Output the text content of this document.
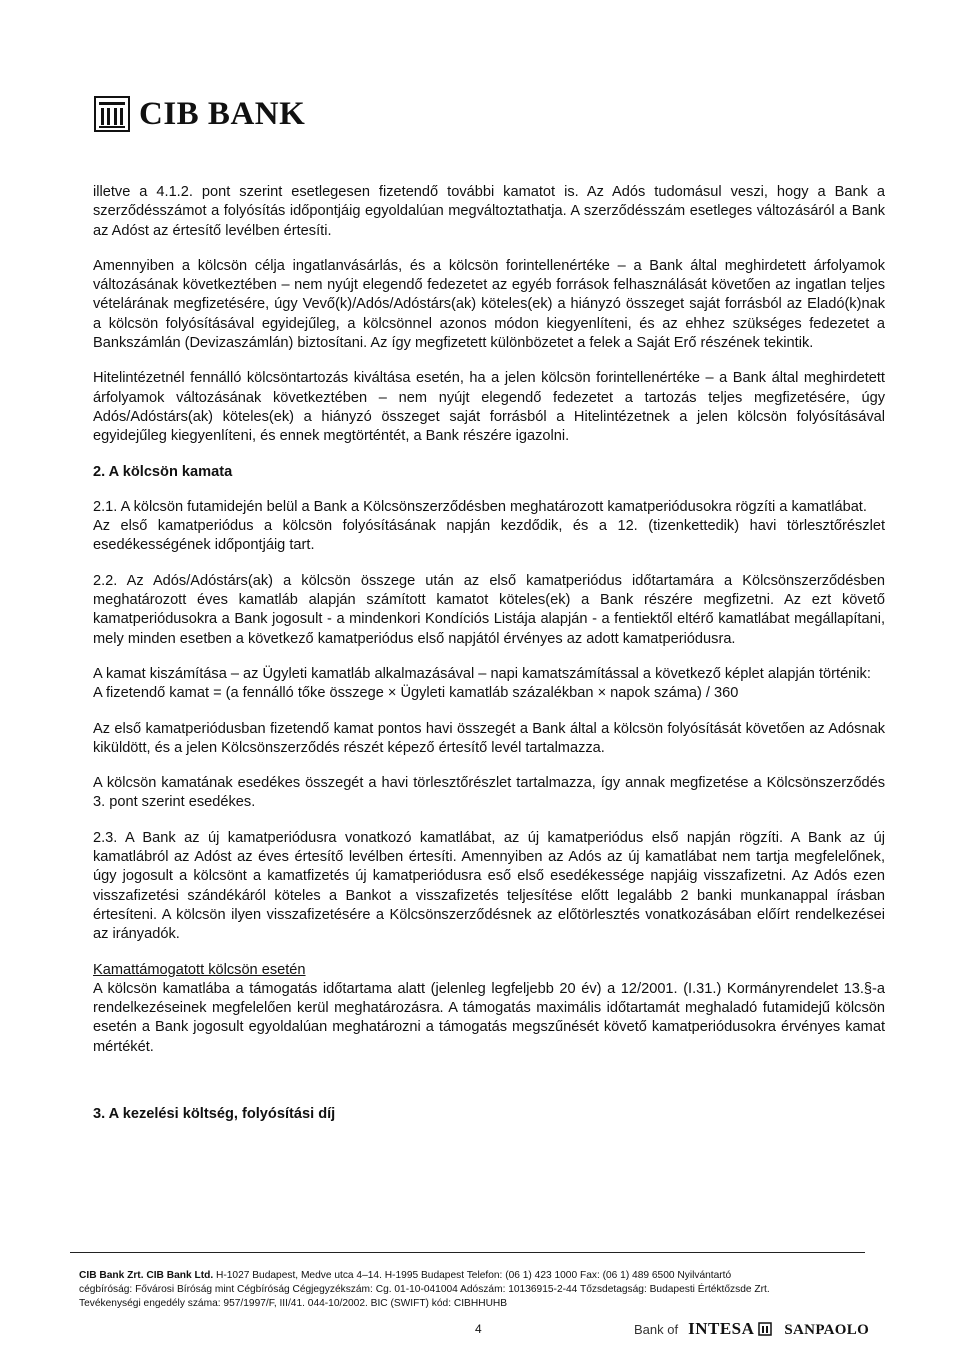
CIB BANK

illetve a 4.1.2. pont szerint esetlegesen fizetendő további kamatot is. Az Adós tudomásul veszi, hogy a Bank a szerződésszámot a folyósítás időpontjáig egyoldalúan megváltoztathatja. A szerződésszám esetleges változásáról a Bank az Adóst az értesítő levélben értesíti.

Amennyiben a kölcsön célja ingatlanvásárlás, és a kölcsön forintellenértéke – a Bank által meghirdetett árfolyamok változásának következtében – nem nyújt elegendő fedezetet az egyéb források felhasználását követően az ingatlan teljes vételárának megfizetésére, úgy Vevő(k)/Adós/Adóstárs(ak) köteles(ek) a hiányzó összeget saját forrásból az Eladó(k)nak a kölcsön folyósításával egyidejűleg, a kölcsönnel azonos módon kiegyenlíteni, és az ehhez szükséges fedezetet a Bankszámlán (Devizaszámlán) biztosítani. Az így megfizetett különbözetet a felek a Saját Erő részének tekintik.

Hitelintézetnél fennálló kölcsöntartozás kiváltása esetén, ha a jelen kölcsön forintellenértéke – a Bank által meghirdetett árfolyamok változásának következtében – nem nyújt elegendő fedezetet a tartozás teljes megfizetésére, úgy Adós/Adóstárs(ak) köteles(ek) a hiányzó összeget saját forrásból a Hitelintézetnek a jelen kölcsön folyósításával egyidejűleg kiegyenlíteni, és ennek megtörténtét, a Bank részére igazolni.

2. A kölcsön kamata

2.1. A kölcsön futamidején belül a Bank a Kölcsönszerződésben meghatározott kamatperiódusokra rögzíti a kamatlábat.

Az első kamatperiódus a kölcsön folyósításának napján kezdődik, és a 12. (tizenkettedik) havi törlesztőrészlet esedékességének időpontjáig tart.

2.2. Az Adós/Adóstárs(ak) a kölcsön összege után az első kamatperiódus időtartamára a Kölcsönszerződésben meghatározott éves kamatláb alapján számított kamatot köteles(ek) a Bank részére megfizetni. Az ezt követő kamatperiódusokra a Bank jogosult - a mindenkori Kondíciós Listája alapján - a fentiektől eltérő kamatlábat megállapítani, mely minden esetben a következő kamatperiódus első napjától érvényes az adott kamatperiódusra.

A kamat kiszámítása – az Ügyleti kamatláb alkalmazásával – napi kamatszámítással a következő képlet alapján történik:

A fizetendő kamat = (a fennálló tőke összege × Ügyleti kamatláb százalékban × napok száma) / 360

Az első kamatperiódusban fizetendő kamat pontos havi összegét a Bank által a kölcsön folyósítását követően az Adósnak kiküldött, és a jelen Kölcsönszerződés részét képező értesítő levél tartalmazza.

A kölcsön kamatának esedékes összegét a havi törlesztőrészlet tartalmazza, így annak megfizetése a Kölcsönszerződés 3. pont szerint esedékes.

2.3. A Bank az új kamatperiódusra vonatkozó kamatlábat, az új kamatperiódus első napján rögzíti. A Bank az új kamatlábról az Adóst az éves értesítő levélben értesíti. Amennyiben az Adós az új kamatlábat nem tartja megfelelőnek, úgy jogosult a kölcsönt a kamatfizetés új kamatperiódusra eső első esedékessége napjáig visszafizetni. Az Adós ezen visszafizetési szándékáról köteles a Bankot a visszafizetés teljesítése előtt legalább 2 banki munkanappal írásban értesíteni. A kölcsön ilyen visszafizetésére a Kölcsönszerződésnek az előtörlesztés vonatkozásában előírt rendelkezései az irányadók.

Kamattámogatott kölcsön esetén

A kölcsön kamatlába a támogatás időtartama alatt (jelenleg legfeljebb 20 év) a 12/2001. (I.31.) Kormányrendelet 13.§-a rendelkezéseinek megfelelően kerül meghatározásra. A támogatás maximális időtartamát meghaladó futamidejű kölcsön esetén a Bank jogosult egyoldalúan meghatározni a támogatás megszűnését követő kamatperiódusokra érvényes kamat mértékét.

3. A kezelési költség, folyósítási díj

CIB Bank Zrt. CIB Bank Ltd. H-1027 Budapest, Medve utca 4–14. H-1995 Budapest Telefon: (06 1) 423 1000 Fax: (06 1) 489 6500 Nyilvántartó
cégbíróság: Fővárosi Bíróság mint Cégbíróság Cégjegyzékszám: Cg. 01-10-041004 Adószám: 10136915-2-44 Tőzsdetagság: Budapesti Értéktőzsde Zrt.
Tevékenységi engedély száma: 957/1997/F, III/41. 044-10/2002. BIC (SWIFT) kód: CIBHHUHB
4	Bank of INTESA SANPAOLO
